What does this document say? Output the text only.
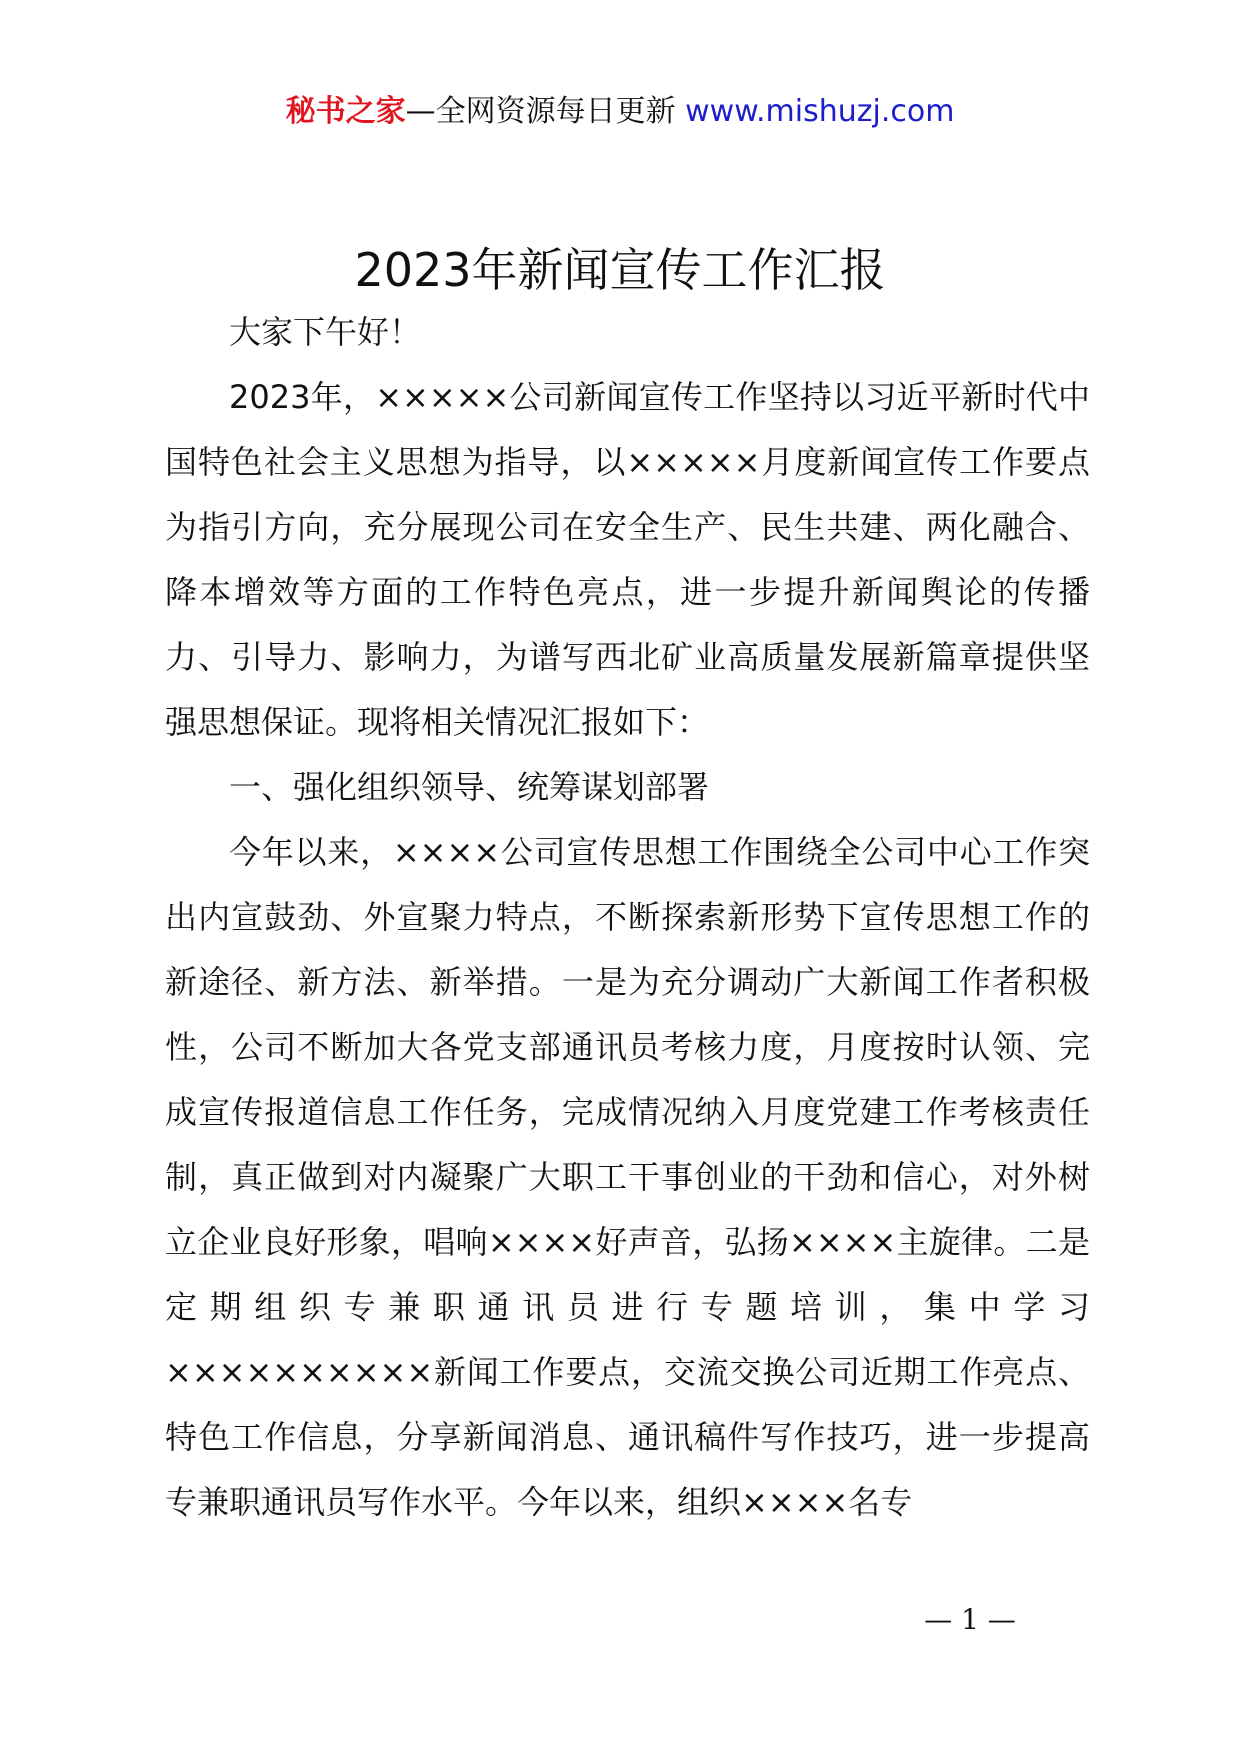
秘书之家—全网资源每日更新 www.mishuzj.com
2023年新闻宣传工作汇报

大家下午好！

2023年，×××××公司新闻宣传工作坚持以习近平新时代中国特色社会主义思想为指导，以×××××月度新闻宣传工作要点为指引方向，充分展现公司在安全生产、民生共建、两化融合、降本增效等方面的工作特色亮点，进一步提升新闻舆论的传播力、引导力、影响力，为谱写西北矿业高质量发展新篇章提供坚强思想保证。现将相关情况汇报如下：

一、强化组织领导、统筹谋划部署

今年以来，××××公司宣传思想工作围绕全公司中心工作突出内宣鼓劲、外宣聚力特点，不断探索新形势下宣传思想工作的新途径、新方法、新举措。一是为充分调动广大新闻工作者积极性，公司不断加大各党支部通讯员考核力度，月度按时认领、完成宣传报道信息工作任务，完成情况纳入月度党建工作考核责任制，真正做到对内凝聚广大职工干事创业的干劲和信心，对外树立企业良好形象，唱响××××好声音，弘扬××××主旋律。二是定期组织专兼职通讯员进行专题培训，集中学习××××××××××新闻工作要点，交流交换公司近期工作亮点、特色工作信息，分享新闻消息、通讯稿件写作技巧，进一步提高专兼职通讯员写作水平。今年以来，组织××××名专

— 1 —
